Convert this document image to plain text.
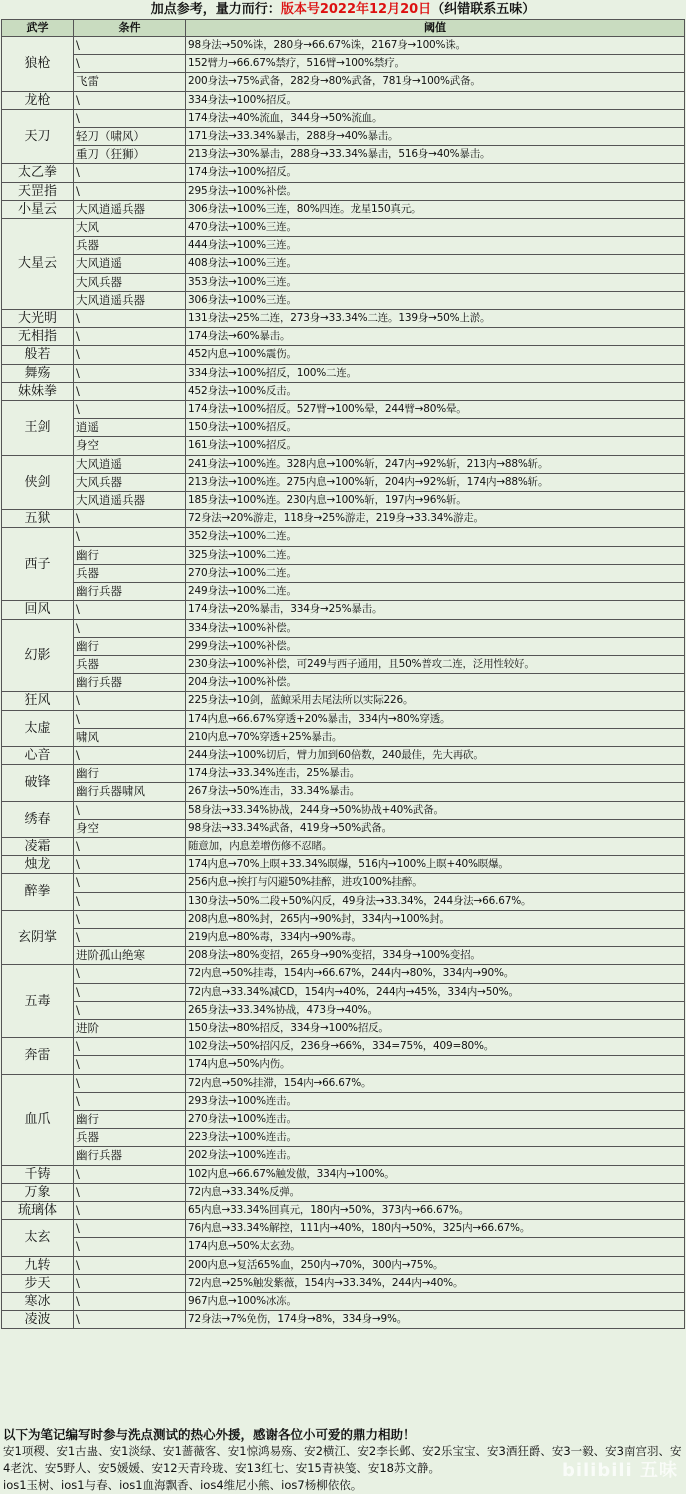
加点参考，量力而行：版本号2022年12月20日（纠错联系五味）
武学	条件	阈值
狼枪	\	98身法→50%诛，280身→66.67%诛，2167身→100%诛。
	\	152臂力→66.67%禁疗，516臂→100%禁疗。
	飞雷	200身法→75%武备，282身→80%武备，781身→100%武备。
龙枪	\	334身法→100%招反。
天刀	\	174身法→40%流血，344身→50%流血。
	轻刀（啸风）	171身法→33.34%暴击，288身→40%暴击。
	重刀（狂狮）	213身法→30%暴击，288身→33.34%暴击，516身→40%暴击。
太乙拳	\	174身法→100%招反。
天罡指	\	295身法→100%补偿。
小星云	大风逍遥兵器	306身法→100%三连，80%四连。龙星150真元。
大星云	大风	470身法→100%三连。
	兵器	444身法→100%三连。
	大风逍遥	408身法→100%三连。
	大风兵器	353身法→100%三连。
	大风逍遥兵器	306身法→100%三连。
大光明	\	131身法→25%二连，273身→33.34%二连。139身→50%上淤。
无相指	\	174身法→60%暴击。
般若	\	452内息→100%震伤。
舞殇	\	334身法→100%招反，100%二连。
妹妹拳	\	452身法→100%反击。
王剑	\	174身法→100%招反。527臂→100%晕，244臂→80%晕。
	逍遥	150身法→100%招反。
	身空	161身法→100%招反。
侠剑	大风逍遥	241身法→100%连。328内息→100%斩，247内→92%斩，213内→88%斩。
	大风兵器	213身法→100%连。275内息→100%斩，204内→92%斩，174内→88%斩。
	大风逍遥兵器	185身法→100%连。230内息→100%斩，197内→96%斩。
五狱	\	72身法→20%游走，118身→25%游走，219身→33.34%游走。
西子	\	352身法→100%二连。
	幽行	325身法→100%二连。
	兵器	270身法→100%二连。
	幽行兵器	249身法→100%二连。
回风	\	174身法→20%暴击，334身→25%暴击。
幻影	\	334身法→100%补偿。
	幽行	299身法→100%补偿。
	兵器	230身法→100%补偿，可249与西子通用，且50%普攻二连，泛用性较好。
	幽行兵器	204身法→100%补偿。
狂风	\	225身法→10剑，蓝鲸采用去尾法所以实际226。
太虚	\	174内息→66.67%穿透+20%暴击，334内→80%穿透。
	啸风	210内息→70%穿透+25%暴击。
心音	\	244身法→100%切后，臂力加到60倍数，240最佳，先大再砍。
破锋	幽行	174身法→33.34%连击，25%暴击。
	幽行兵器啸风	267身法→50%连击，33.34%暴击。
绣春	\	58身法→33.34%协战，244身→50%协战+40%武备。
	身空	98身法→33.34%武备，419身→50%武备。
凌霜	\	随意加，内息差增伤修不忍睹。
烛龙	\	174内息→70%上暝+33.34%暝爆，516内→100%上暝+40%暝爆。
醉拳	\	256内息→挨打与闪避50%挂醉，进攻100%挂醉。
	\	130身法→50%二段+50%闪反，49身法→33.34%，244身法→66.67%。
玄阴掌	\	208内息→80%封，265内→90%封，334内→100%封。
	\	219内息→80%毒，334内→90%毒。
	进阶孤山绝寒	208身法→80%变招，265身→90%变招，334身→100%变招。
五毒	\	72内息→50%挂毒，154内→66.67%，244内→80%，334内→90%。
	\	72内息→33.34%减CD，154内→40%，244内→45%，334内→50%。
	\	265身法→33.34%协战，473身→40%。
	进阶	150身法→80%招反，334身→100%招反。
奔雷	\	102身法→50%招闪反，236身→66%，334=75%，409=80%。
	\	174内息→50%内伤。
血爪	\	72内息→50%挂滞，154内→66.67%。
	\	293身法→100%连击。
	幽行	270身法→100%连击。
	兵器	223身法→100%连击。
	幽行兵器	202身法→100%连击。
千铸	\	102内息→66.67%触发傲，334内→100%。
万象	\	72内息→33.34%反弹。
琉璃体	\	65内息→33.34%回真元，180内→50%，373内→66.67%。
太玄	\	76内息→33.34%解控，111内→40%，180内→50%，325内→66.67%。
	\	174内息→50%太玄劲。
九转	\	200内息→复活65%血，250内→70%，300内→75%。
步天	\	72内息→25%触发紫薇，154内→33.34%，244内→40%。
寒冰	\	967内息→100%冰冻。
凌波	\	72身法→7%免伤，174身→8%，334身→9%。
以下为笔记编写时参与洗点测试的热心外援，感谢各位小可爱的鼎力相助！
安1项稷、安1古蛊、安1淡绿、安1蔷薇客、安1惊鸿易殇、安2横江、安2李长邺、安2乐宝宝、安3酒狂爵、安3一毅、安3南宫羽、安4老沈、安5野人、安5媛媛、安12天青玲珑、安13红七、安15青袂笺、安18苏文静。
ios1玉树、ios1与春、ios1血海飘香、ios4维尼小熊、ios7杨柳依依。
bilibili 五味
